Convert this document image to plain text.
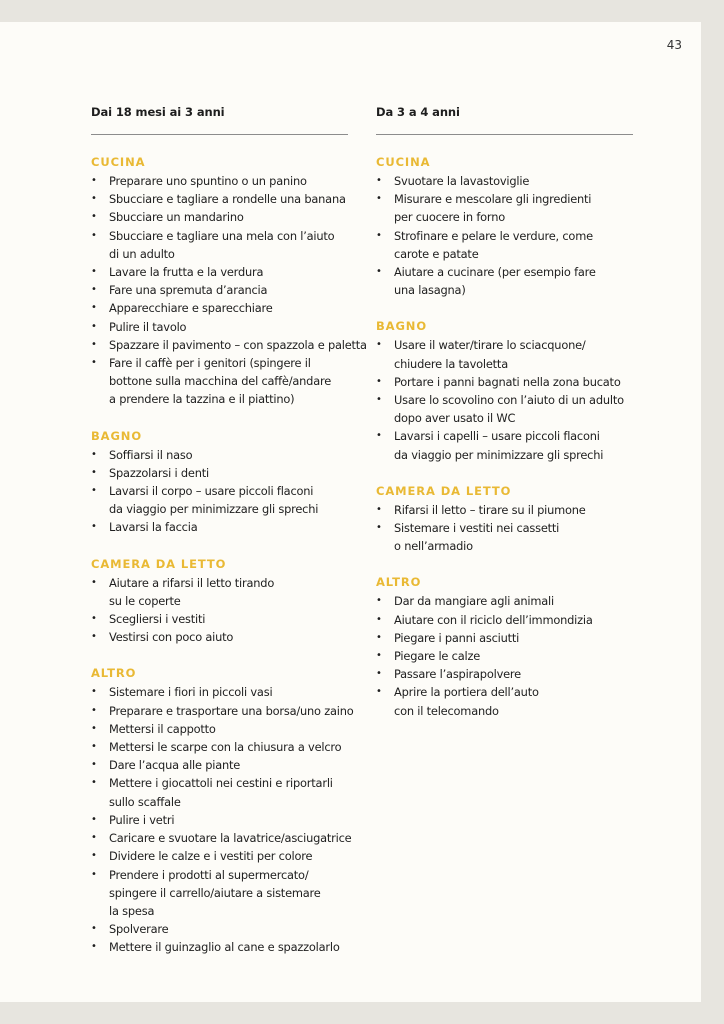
43
Dai 18 mesi ai 3 anni
CUCINA
• Preparare uno spuntino o un panino
• Sbucciare e tagliare a rondelle una banana
• Sbucciare un mandarino
• Sbucciare e tagliare una mela con l’aiuto
di un adulto
• Lavare la frutta e la verdura
• Fare una spremuta d’arancia
• Apparecchiare e sparecchiare
• Pulire il tavolo
• Spazzare il pavimento – con spazzola e paletta
• Fare il caffè per i genitori (spingere il
bottone sulla macchina del caffè/andare
a prendere la tazzina e il piattino)
BAGNO
• Soffiarsi il naso
• Spazzolarsi i denti
• Lavarsi il corpo – usare piccoli flaconi
da viaggio per minimizzare gli sprechi
• Lavarsi la faccia
CAMERA DA LETTO
• Aiutare a rifarsi il letto tirando
su le coperte
• Scegliersi i vestiti
• Vestirsi con poco aiuto
ALTRO
• Sistemare i fiori in piccoli vasi
• Preparare e trasportare una borsa/uno zaino
• Mettersi il cappotto
• Mettersi le scarpe con la chiusura a velcro
• Dare l’acqua alle piante
• Mettere i giocattoli nei cestini e riportarli
sullo scaffale
• Pulire i vetri
• Caricare e svuotare la lavatrice/asciugatrice
• Dividere le calze e i vestiti per colore
• Prendere i prodotti al supermercato/
spingere il carrello/aiutare a sistemare
la spesa
• Spolverare
• Mettere il guinzaglio al cane e spazzolarlo
Da 3 a 4 anni
CUCINA
• Svuotare la lavastoviglie
• Misurare e mescolare gli ingredienti
per cuocere in forno
• Strofinare e pelare le verdure, come
carote e patate
• Aiutare a cucinare (per esempio fare
una lasagna)
BAGNO
• Usare il water/tirare lo sciacquone/
chiudere la tavoletta
• Portare i panni bagnati nella zona bucato
• Usare lo scovolino con l’aiuto di un adulto
dopo aver usato il WC
• Lavarsi i capelli – usare piccoli flaconi
da viaggio per minimizzare gli sprechi
CAMERA DA LETTO
• Rifarsi il letto – tirare su il piumone
• Sistemare i vestiti nei cassetti
o nell’armadio
ALTRO
• Dar da mangiare agli animali
• Aiutare con il riciclo dell’immondizia
• Piegare i panni asciutti
• Piegare le calze
• Passare l’aspirapolvere
• Aprire la portiera dell’auto
con il telecomando
